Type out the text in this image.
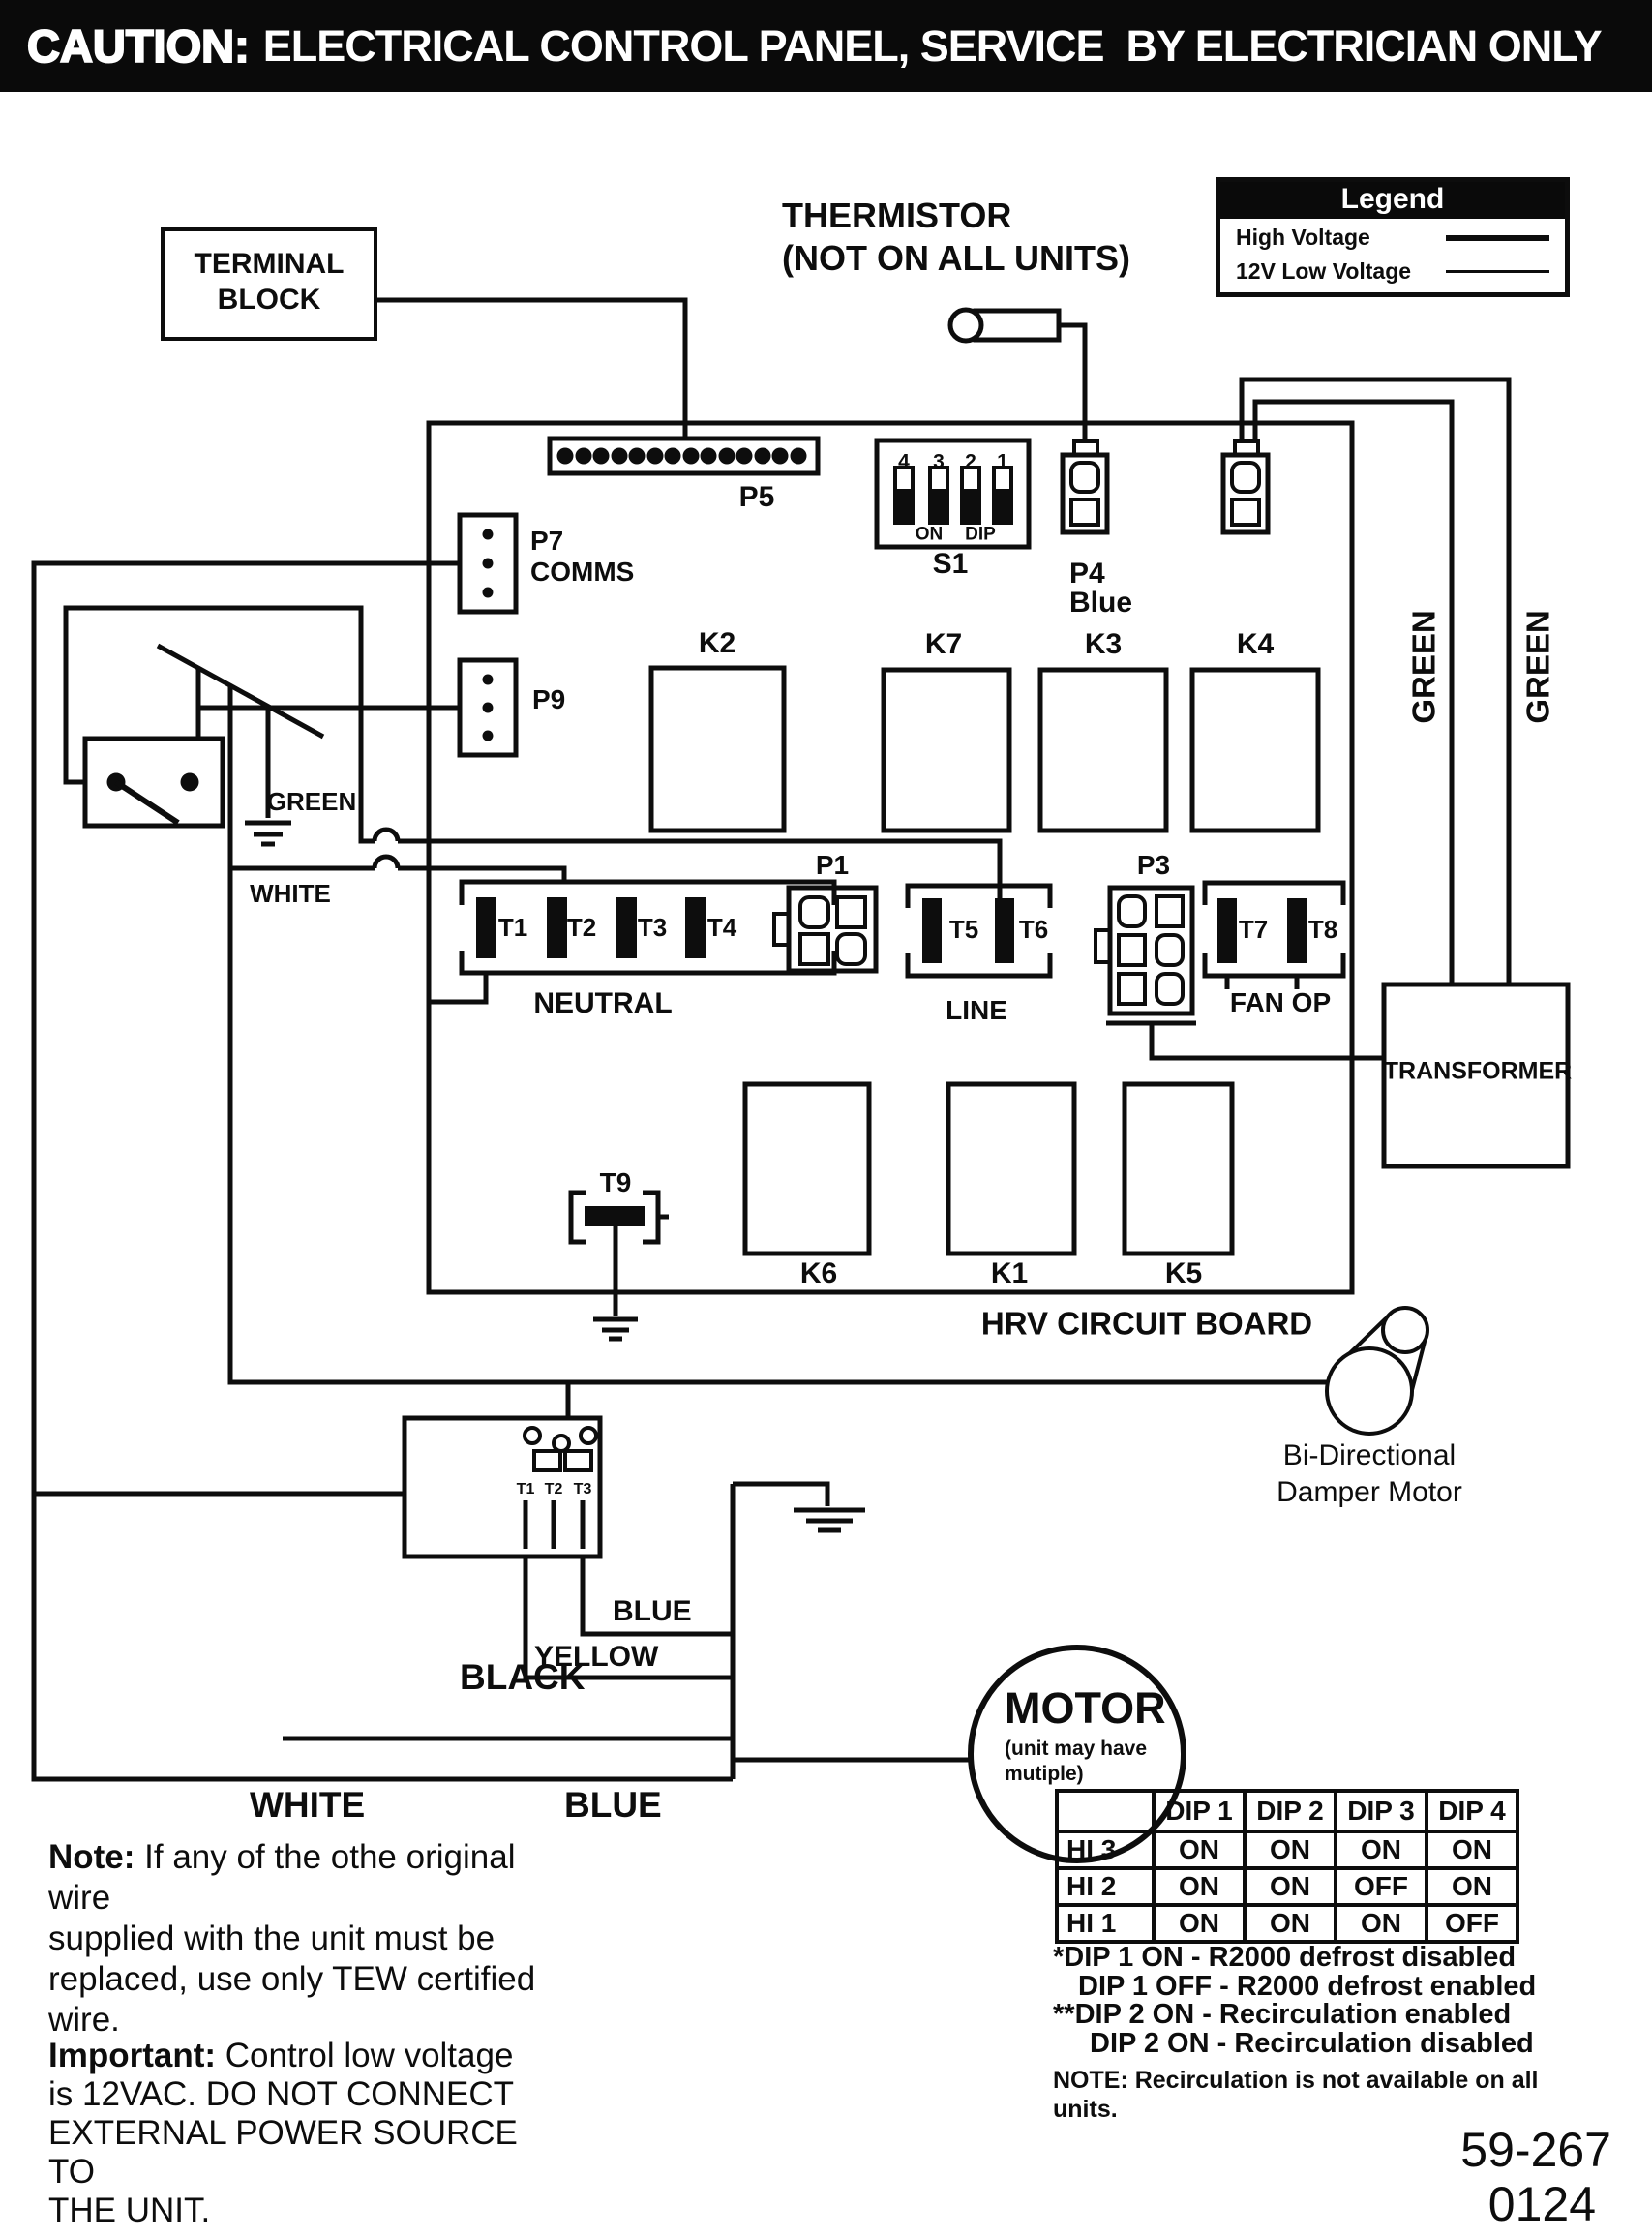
CAUTION: ELECTRICAL CONTROL PANEL, SERVICE  BY ELECTRICIAN ONLY
Legend
High Voltage
12V Low Voltage
TERMINAL
BLOCK
THERMISTOR
(NOT ON ALL UNITS)
P5
P7
COMMS
P9
4 3 2 1
ON DIP
S1	P4
Blue
K2	K7	K3	K4
T1 T2 T3 T4	T5 T6	T7 T8
T9
NEUTRAL	LINE	FAN OP
P1	P3
TRANSFORMER
GREEN
WHITE
GREEN GREEN
K6	K1	K5
HRV CIRCUIT BOARD
Bi-Directional
Damper Motor
T1 T2 T3
BLUE
YELLOW
BLACK
WHITE	BLUE
MOTOR
(unit may have
mutiple)
	DIP 1	DIP 2	DIP 3	DIP 4
HI 3	ON	ON	ON	ON
HI 2	ON	ON	OFF	ON
HI 1	ON	ON	ON	OFF
*DIP 1 ON - R2000 defrost disabled
DIP 1 OFF - R2000 defrost enabled
**DIP 2 ON - Recirculation enabled
DIP 2 ON - Recirculation disabled
NOTE: Recirculation is not available on all units.
Note: If any of the othe original wire
supplied with the unit must be
replaced, use only TEW certified
wire.
Important: Control low voltage
is 12VAC. DO NOT CONNECT
EXTERNAL POWER SOURCE TO
THE UNIT.
59-267
0124
